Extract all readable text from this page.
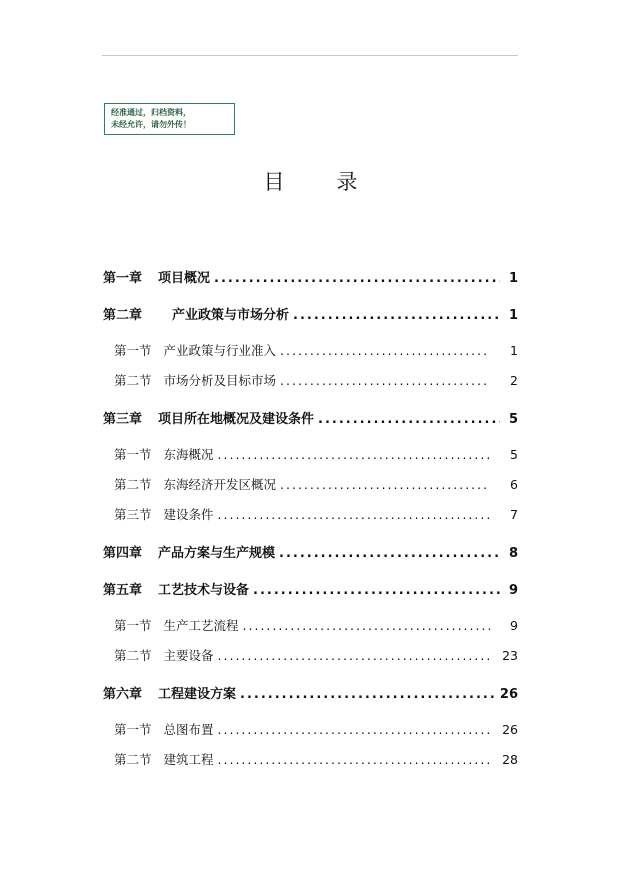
经准通过，归档资料，
未经允许，请勿外传！
目 录
第一章 项目概况 .....	1
第二章 产业政策与市场分析 .....	1
第一节 产业政策与行业准入 .....	1
第二节 市场分析及目标市场 .....	2
第三章 项目所在地概况及建设条件 .....	5
第一节 东海概况 .....	5
第二节 东海经济开发区概况 .....	6
第三节 建设条件 .....	7
第四章 产品方案与生产规模 .....	8
第五章 工艺技术与设备 .....	9
第一节 生产工艺流程 .....	9
第二节 主要设备 .....	23
第六章 工程建设方案 .....	26
第一节 总图布置 .....	26
第二节 建筑工程 .....	28
